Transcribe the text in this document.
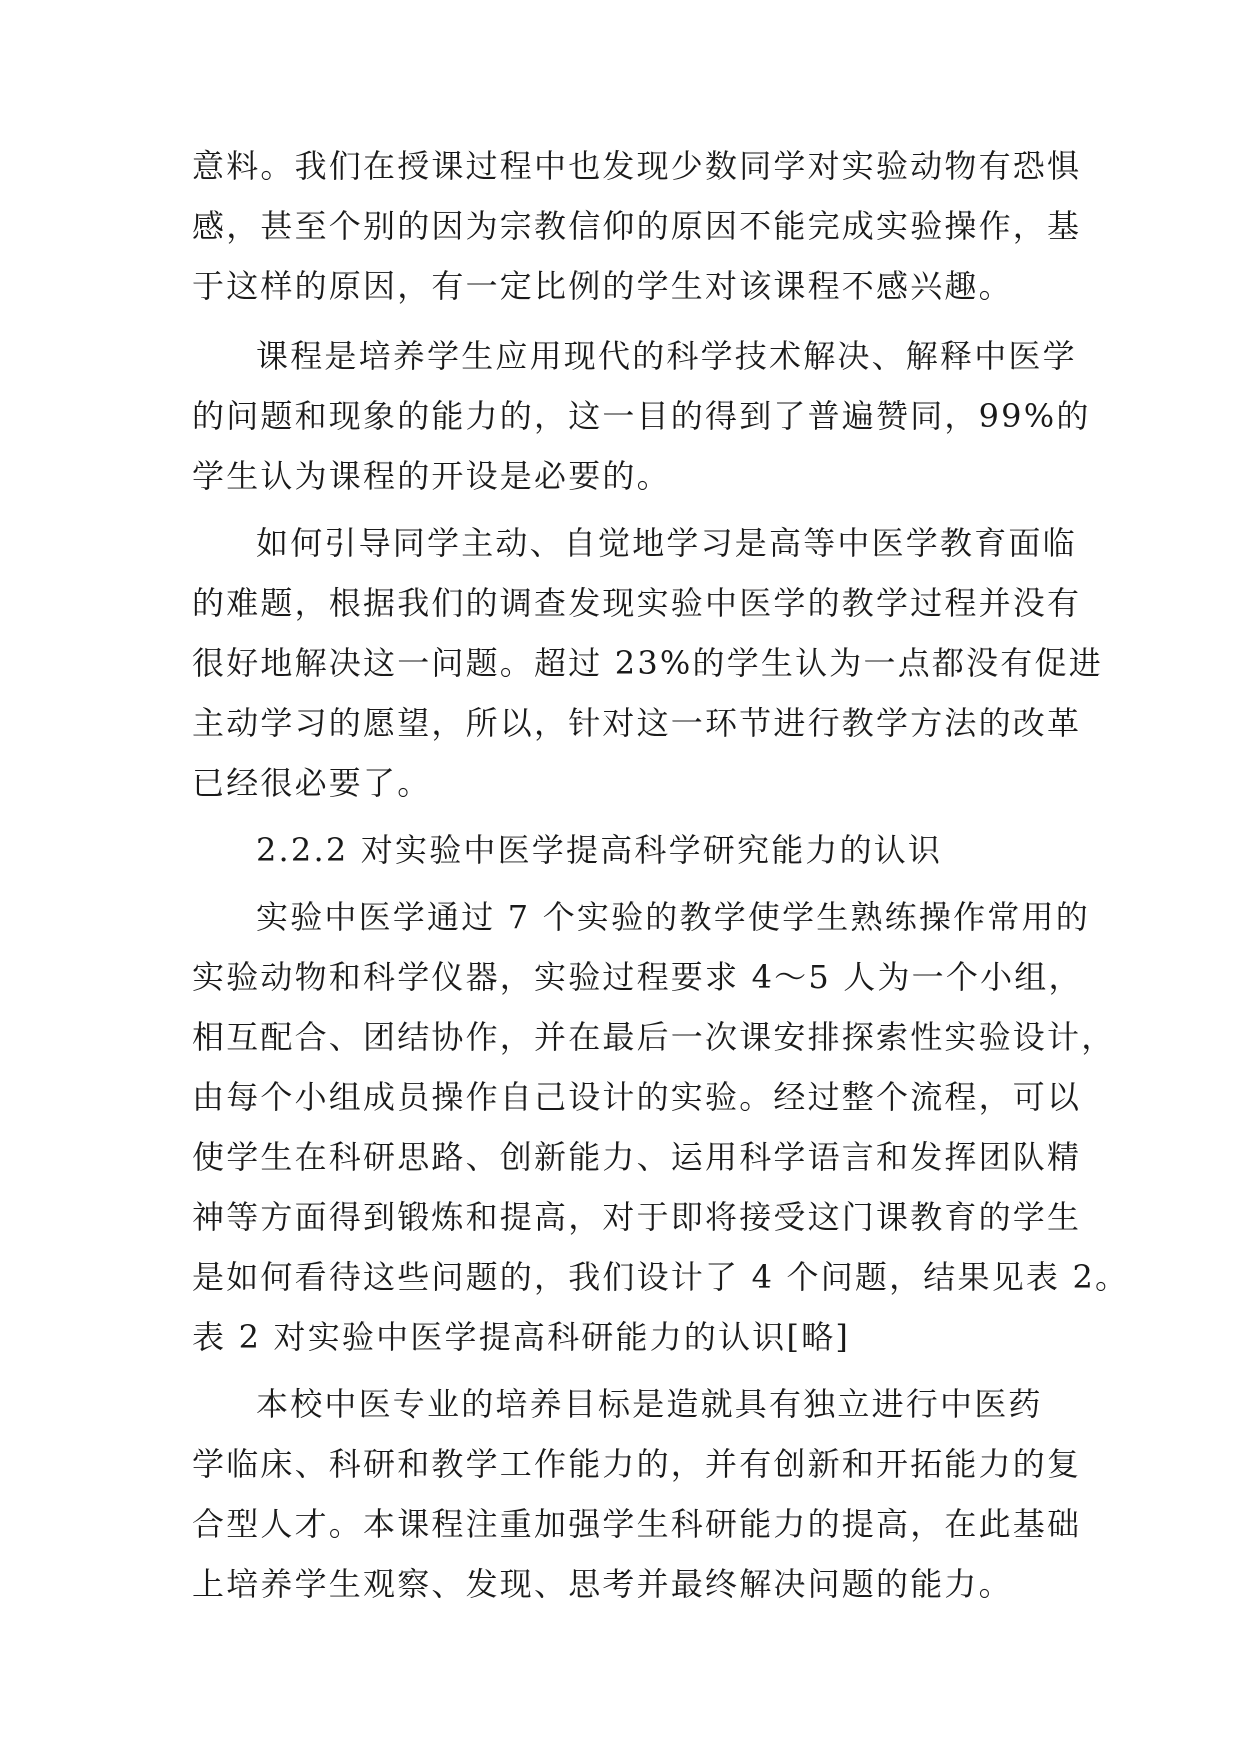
意料。我们在授课过程中也发现少数同学对实验动物有恐惧
感，甚至个别的因为宗教信仰的原因不能完成实验操作，基
于这样的原因，有一定比例的学生对该课程不感兴趣。
课程是培养学生应用现代的科学技术解决、解释中医学
的问题和现象的能力的，这一目的得到了普遍赞同，99%的
学生认为课程的开设是必要的。
如何引导同学主动、自觉地学习是高等中医学教育面临
的难题，根据我们的调查发现实验中医学的教学过程并没有
很好地解决这一问题。超过 23%的学生认为一点都没有促进
主动学习的愿望，所以，针对这一环节进行教学方法的改革
已经很必要了。
2.2.2 对实验中医学提高科学研究能力的认识
实验中医学通过 7 个实验的教学使学生熟练操作常用的
实验动物和科学仪器，实验过程要求 4～5 人为一个小组，
相互配合、团结协作，并在最后一次课安排探索性实验设计，
由每个小组成员操作自己设计的实验。经过整个流程，可以
使学生在科研思路、创新能力、运用科学语言和发挥团队精
神等方面得到锻炼和提高，对于即将接受这门课教育的学生
是如何看待这些问题的，我们设计了 4 个问题，结果见表 2。
表 2 对实验中医学提高科研能力的认识[略]
本校中医专业的培养目标是造就具有独立进行中医药
学临床、科研和教学工作能力的，并有创新和开拓能力的复
合型人才。本课程注重加强学生科研能力的提高，在此基础
上培养学生观察、发现、思考并最终解决问题的能力。
